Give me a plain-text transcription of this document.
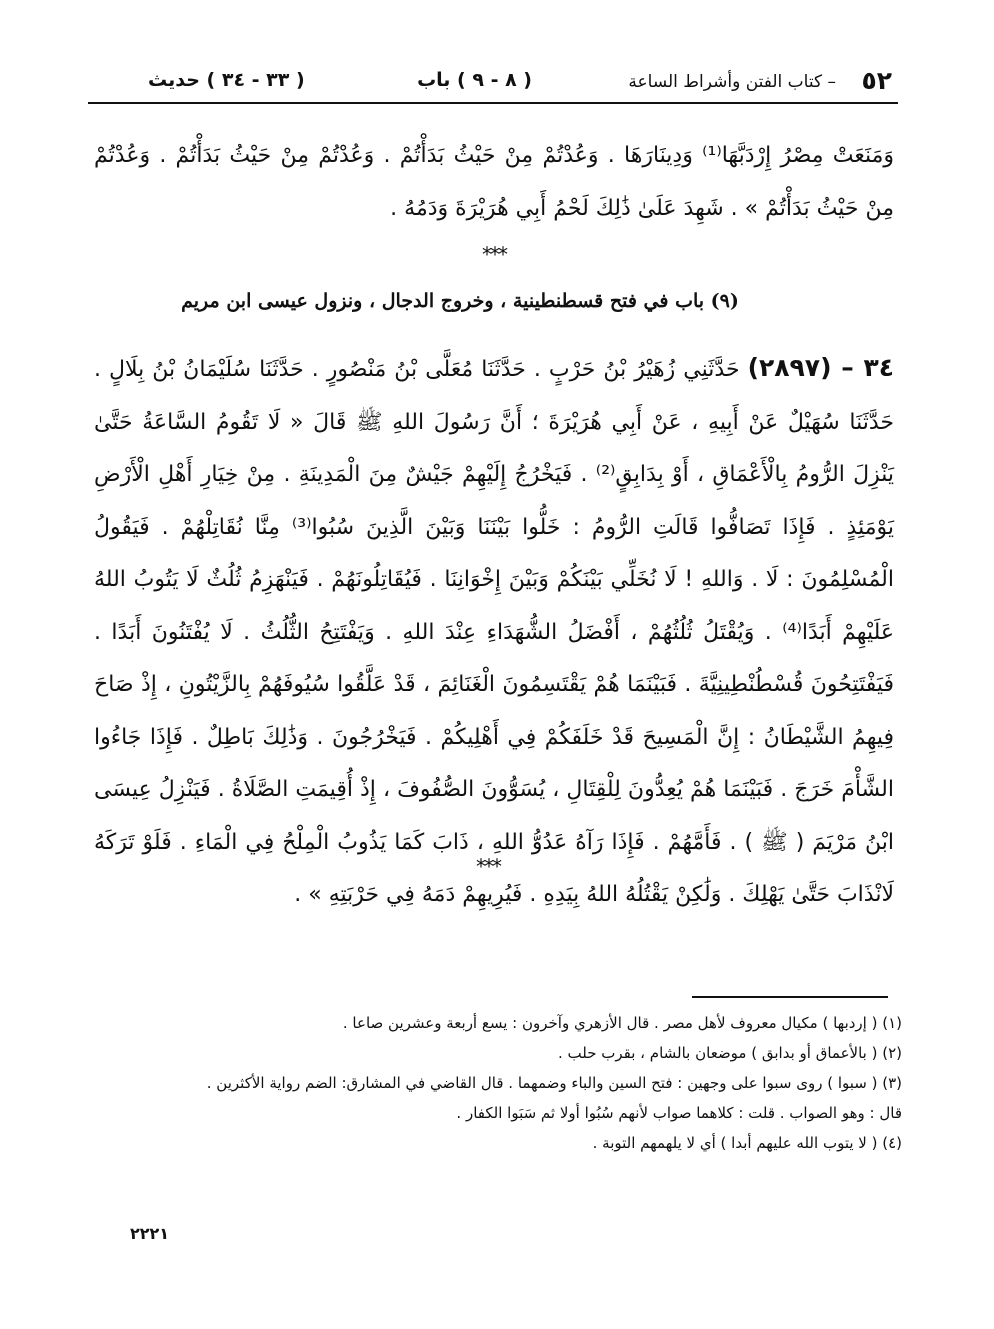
٥٢
– كتاب الفتن وأشراط الساعة
( ٨ - ٩ ) باب
( ٣٣ - ٣٤ ) حديث

وَمَنَعَتْ مِصْرُ إِرْدَبَّهَا⁽¹⁾ وَدِينَارَهَا . وَعُدْتُمْ مِنْ حَيْثُ بَدَأْتُمْ . وَعُدْتُمْ مِنْ حَيْثُ بَدَأْتُمْ . وَعُدْتُمْ مِنْ حَيْثُ بَدَأْتُمْ » . شَهِدَ عَلَىٰ ذَٰلِكَ لَحْمُ أَبِي هُرَيْرَةَ وَدَمُهُ .

⁎⁎⁎
(٩) باب في فتح قسطنطينية ، وخروج الدجال ، ونزول عيسى ابن مريم

٣٤ – (٢٨٩٧) حَدَّثَنِي زُهَيْرُ بْنُ حَرْبٍ . حَدَّثَنَا مُعَلَّى بْنُ مَنْصُورٍ . حَدَّثَنَا سُلَيْمَانُ بْنُ بِلَالٍ . حَدَّثَنَا سُهَيْلٌ عَنْ أَبِيهِ ، عَنْ أَبِي هُرَيْرَةَ ؛ أَنَّ رَسُولَ اللهِ ﷺ قَالَ « لَا تَقُومُ السَّاعَةُ حَتَّىٰ يَنْزِلَ الرُّومُ بِالْأَعْمَاقِ ، أَوْ بِدَابِقٍ⁽²⁾ . فَيَخْرُجُ إِلَيْهِمْ جَيْشٌ مِنَ الْمَدِينَةِ . مِنْ خِيَارِ أَهْلِ الْأَرْضِ يَوْمَئِذٍ . فَإِذَا تَصَافُّوا قَالَتِ الرُّومُ : خَلُّوا بَيْنَنَا وَبَيْنَ الَّذِينَ سُبُوا⁽³⁾ مِنَّا نُقَاتِلْهُمْ . فَيَقُولُ الْمُسْلِمُونَ : لَا . وَاللهِ ! لَا نُخَلِّي بَيْنَكُمْ وَبَيْنَ إِخْوَانِنَا . فَيُقَاتِلُونَهُمْ . فَيَنْهَزِمُ ثُلُثٌ لَا يَتُوبُ اللهُ عَلَيْهِمْ أَبَدًا⁽⁴⁾ . وَيُقْتَلُ ثُلُثُهُمْ ، أَفْضَلُ الشُّهَدَاءِ عِنْدَ اللهِ . وَيَفْتَتِحُ الثُّلُثُ . لَا يُفْتَنُونَ أَبَدًا . فَيَفْتَتِحُونَ قُسْطُنْطِينِيَّةَ . فَبَيْنَمَا هُمْ يَقْتَسِمُونَ الْغَنَائِمَ ، قَدْ عَلَّقُوا سُيُوفَهُمْ بِالزَّيْتُونِ ، إِذْ صَاحَ فِيهِمُ الشَّيْطَانُ : إِنَّ الْمَسِيحَ قَدْ خَلَفَكُمْ فِي أَهْلِيكُمْ . فَيَخْرُجُونَ . وَذَٰلِكَ بَاطِلٌ . فَإِذَا جَاءُوا الشَّأْمَ خَرَجَ . فَبَيْنَمَا هُمْ يُعِدُّونَ لِلْقِتَالِ ، يُسَوُّونَ الصُّفُوفَ ، إِذْ أُقِيمَتِ الصَّلَاةُ . فَيَنْزِلُ عِيسَى ابْنُ مَرْيَمَ ( ﷺ ) . فَأَمَّهُمْ . فَإِذَا رَآهُ عَدُوُّ اللهِ ، ذَابَ كَمَا يَذُوبُ الْمِلْحُ فِي الْمَاءِ . فَلَوْ تَرَكَهُ لَانْذَابَ حَتَّىٰ يَهْلِكَ . وَلَٰكِنْ يَقْتُلُهُ اللهُ بِيَدِهِ . فَيُرِيهِمْ دَمَهُ فِي حَرْبَتِهِ » .

⁎⁎⁎
(١) ( إردبها ) مكيال معروف لأهل مصر . قال الأزهري وآخرون : يسع أربعة وعشرين صاعا .
(٢) ( بالأعماق أو بدابق ) موضعان بالشام ، بقرب حلب .
(٣) ( سبوا ) روى سبوا على وجهين : فتح السين والباء وضمهما . قال القاضي في المشارق: الضم رواية الأكثرين .
قال : وهو الصواب . قلت : كلاهما صواب لأنهم سُبُوا أولا ثم سَبَوا الكفار .
(٤) ( لا يتوب الله عليهم أبدا ) أي لا يلهمهم التوبة .
٢٢٢١
